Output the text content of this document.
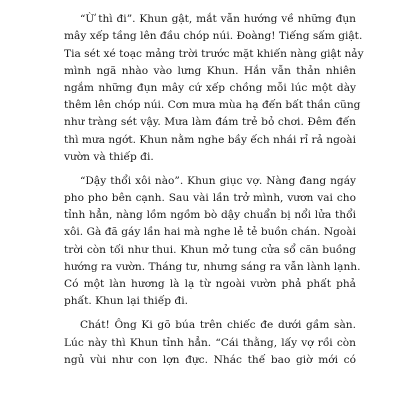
“Ừ thì đi”. Khun gật, mắt vẫn hướng về những đụn
mây xếp tầng lên đầu chóp núi. Đoàng! Tiếng sấm giật.
Tia sét xé toạc mảng trời trước mặt khiến nàng giật nảy
mình ngã nhào vào lưng Khun. Hắn vẫn thản nhiên
ngắm những đụn mây cứ xếp chồng mỗi lúc một dày
thêm lên chóp núi. Cơn mưa mùa hạ đến bất thần cũng
như tràng sét vậy. Mưa làm đám trẻ bỏ chơi. Đêm đến
thì mưa ngớt. Khun nằm nghe bầy ếch nhái rỉ rả ngoài
vườn và thiếp đi.
“Dậy thổi xôi nào”. Khun giục vợ. Nàng đang ngáy
pho pho bên cạnh. Sau vài lần trở mình, vươn vai cho
tỉnh hẳn, nàng lồm ngồm bò dậy chuẩn bị nổi lửa thổi
xôi. Gà đã gáy lần hai mà nghe lẻ tẻ buồn chán. Ngoài
trời còn tối như thui. Khun mở tung cửa sổ căn buồng
hướng ra vườn. Tháng tư, nhưng sáng ra vẫn lành lạnh.
Có một làn hương là lạ từ ngoài vườn phả phất phả
phất. Khun lại thiếp đi.
Chát! Ông Ki gõ búa trên chiếc đe dưới gầm sàn.
Lúc này thì Khun tỉnh hẳn. “Cái thằng, lấy vợ rồi còn
ngủ vùi như con lợn đực. Nhác thế bao giờ mới có
